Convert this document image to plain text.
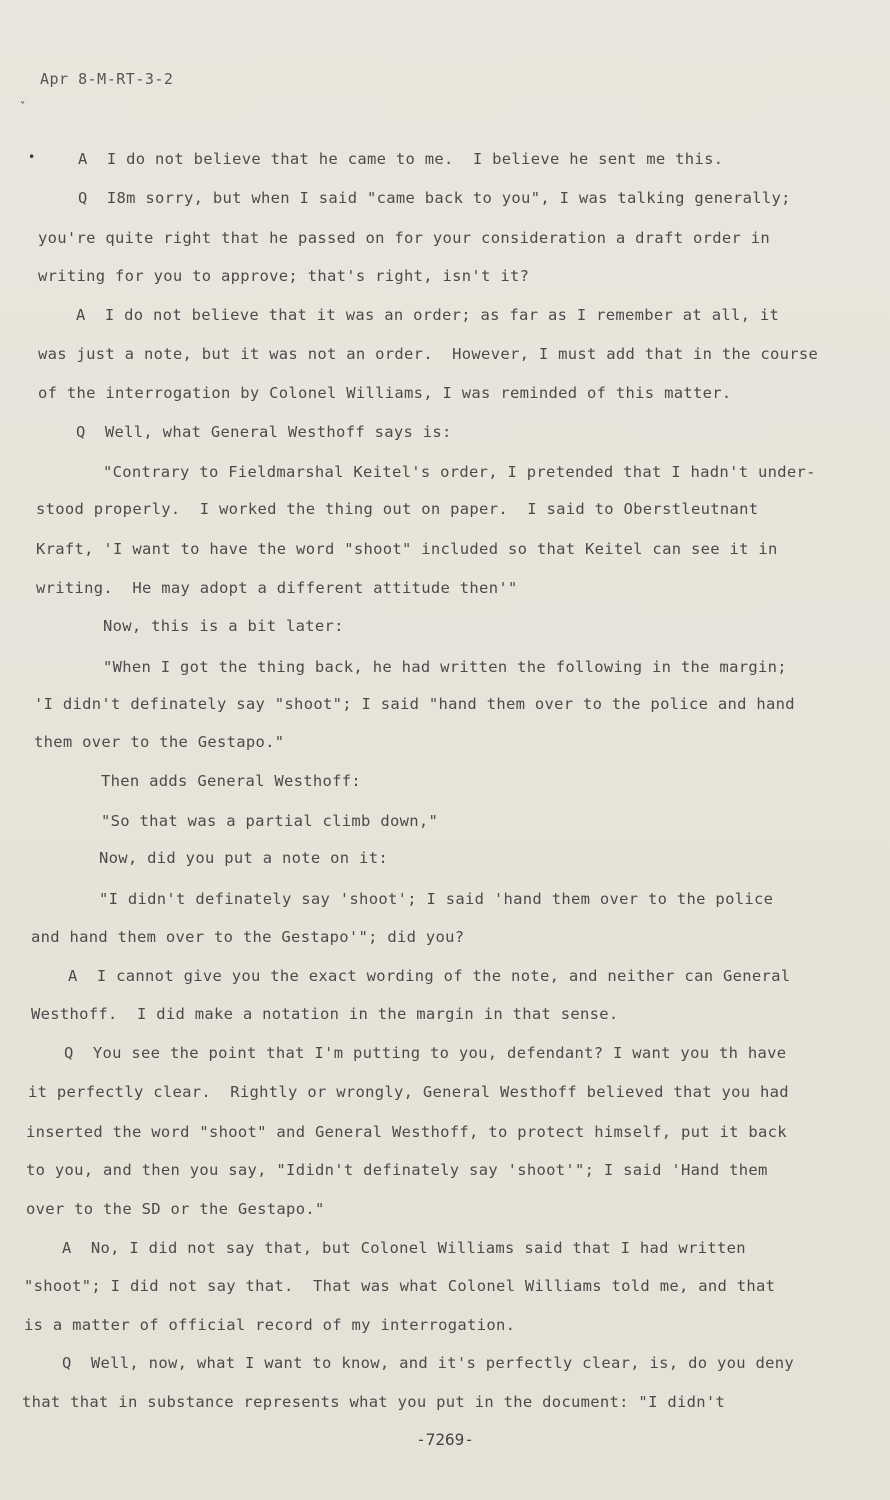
Apr 8-M-RT-3-2
ˇ
•	A  I do not believe that he came to me.  I believe he sent me this.
Q  I8m sorry, but when I said "came back to you", I was talking generally;
you're quite right that he passed on for your consideration a draft order in
writing for you to approve; that's right, isn't it?
A  I do not believe that it was an order; as far as I remember at all, it
was just a note, but it was not an order.  However, I must add that in the course
of the interrogation by Colonel Williams, I was reminded of this matter.
Q  Well, what General Westhoff says is:
"Contrary to Fieldmarshal Keitel's order, I pretended that I hadn't under-
stood properly.  I worked the thing out on paper.  I said to Oberstleutnant
Kraft, 'I want to have the word "shoot" included so that Keitel can see it in
writing.  He may adopt a different attitude then'"
Now, this is a bit later:
"When I got the thing back, he had written the following in the margin;
'I didn't definately say "shoot"; I said "hand them over to the police and hand
them over to the Gestapo."
Then adds General Westhoff:
"So that was a partial climb down,"
Now, did you put a note on it:
"I didn't definately say 'shoot'; I said 'hand them over to the police
and hand them over to the Gestapo'"; did you?
A  I cannot give you the exact wording of the note, and neither can General
Westhoff.  I did make a notation in the margin in that sense.
Q  You see the point that I'm putting to you, defendant? I want you th have
it perfectly clear.  Rightly or wrongly, General Westhoff believed that you had
inserted the word "shoot" and General Westhoff, to protect himself, put it back
to you, and then you say, "Ididn't definately say 'shoot'"; I said 'Hand them
over to the SD or the Gestapo."
A  No, I did not say that, but Colonel Williams said that I had written
"shoot"; I did not say that.  That was what Colonel Williams told me, and that
is a matter of official record of my interrogation.
Q  Well, now, what I want to know, and it's perfectly clear, is, do you deny
that that in substance represents what you put in the document: "I didn't
-7269-
